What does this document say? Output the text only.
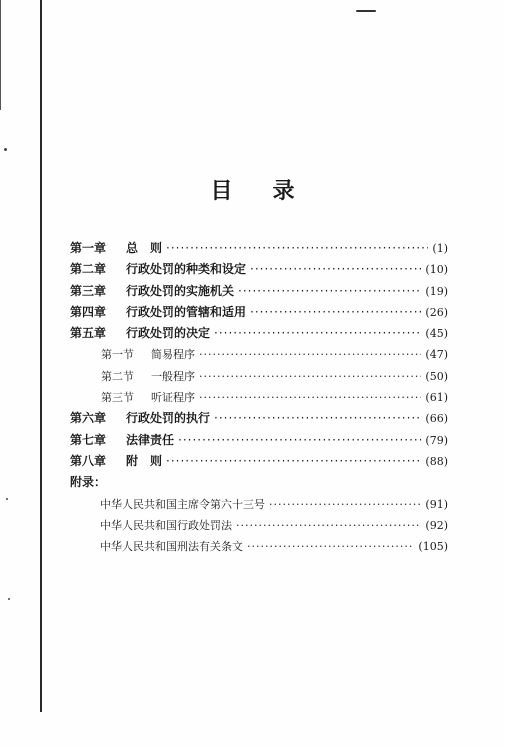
目 录
第一章	总　则 ·····	(1)
第二章	行政处罚的种类和设定 ·····	(10)
第三章	行政处罚的实施机关 ·····	(19)
第四章	行政处罚的管辖和适用 ·····	(26)
第五章	行政处罚的决定 ·····	(45)
第一节	简易程序 ·····	(47)
第二节	一般程序 ·····	(50)
第三节	听证程序 ·····	(61)
第六章	行政处罚的执行 ·····	(66)
第七章	法律责任 ·····	(79)
第八章	附　则 ·····	(88)
附录：
中华人民共和国主席令第六十三号 ·····	(91)
中华人民共和国行政处罚法 ·····	(92)
中华人民共和国刑法有关条文 ·····	(105)
